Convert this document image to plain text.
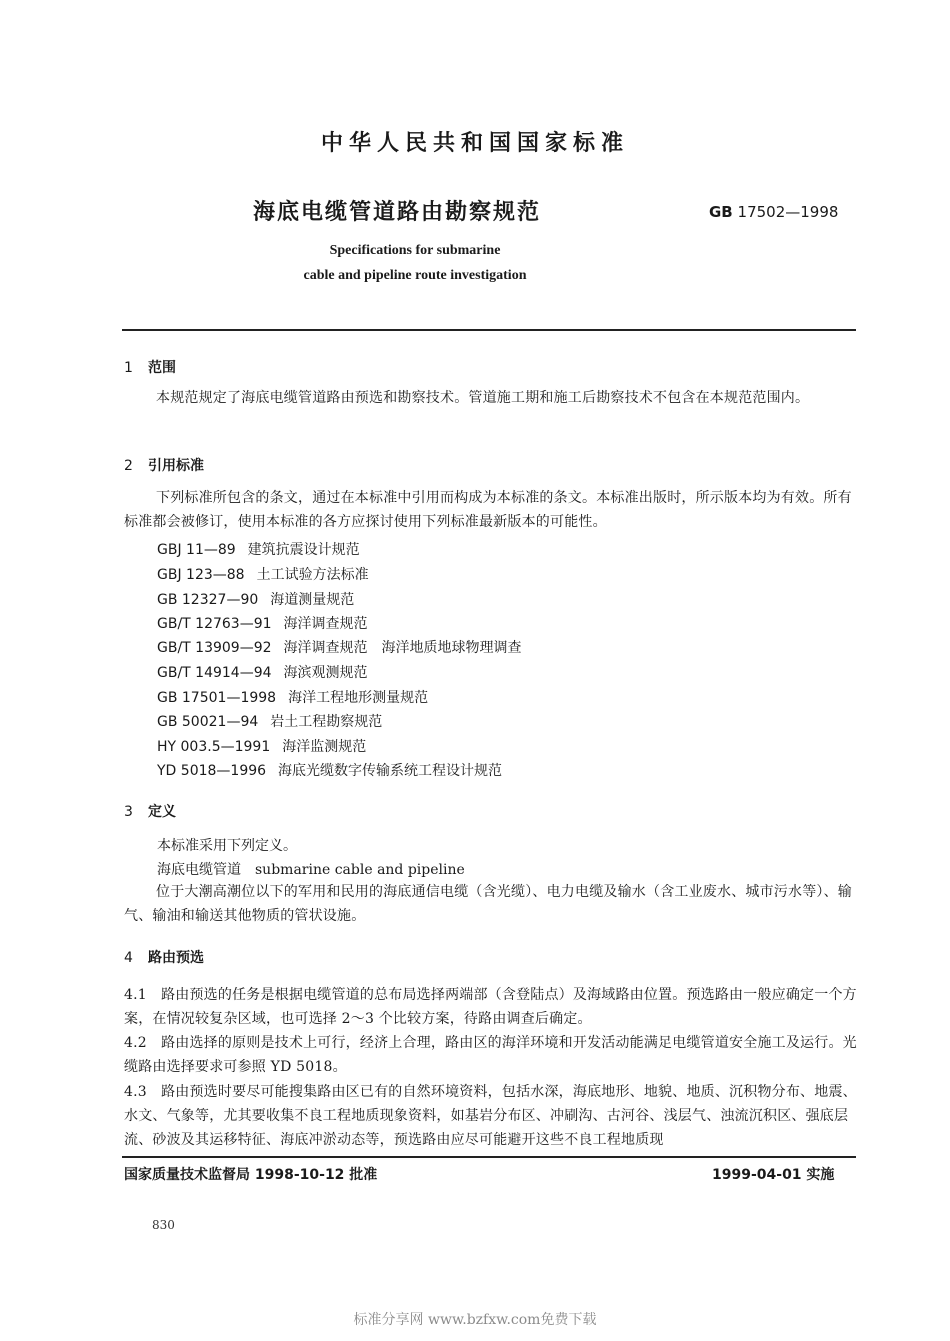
中华人民共和国国家标准
海底电缆管道路由勘察规范	GB 17502—1998
Specifications for submarine
cable and pipeline route investigation
1 范围
本规范规定了海底电缆管道路由预选和勘察技术。管道施工期和施工后勘察技术不包含在本规范范围内。
2 引用标准
下列标准所包含的条文，通过在本标准中引用而构成为本标准的条文。本标准出版时，所示版本均为有效。所有标准都会被修订，使用本标准的各方应探讨使用下列标准最新版本的可能性。
GBJ 11—89 建筑抗震设计规范
GBJ 123—88 土工试验方法标准
GB 12327—90 海道测量规范
GB/T 12763—91 海洋调查规范
GB/T 13909—92 海洋调查规范　海洋地质地球物理调查
GB/T 14914—94 海滨观测规范
GB 17501—1998 海洋工程地形测量规范
GB 50021—94 岩土工程勘察规范
HY 003.5—1991 海洋监测规范
YD 5018—1996 海底光缆数字传输系统工程设计规范
3 定义
本标准采用下列定义。
海底电缆管道　submarine cable and pipeline
位于大潮高潮位以下的军用和民用的海底通信电缆（含光缆）、电力电缆及输水（含工业废水、城市污水等）、输气、输油和输送其他物质的管状设施。
4 路由预选
4.1　路由预选的任务是根据电缆管道的总布局选择两端部（含登陆点）及海域路由位置。预选路由一般应确定一个方案，在情况较复杂区域，也可选择 2～3 个比较方案，待路由调查后确定。
4.2　路由选择的原则是技术上可行，经济上合理，路由区的海洋环境和开发活动能满足电缆管道安全施工及运行。光缆路由选择要求可参照 YD 5018。
4.3　路由预选时要尽可能搜集路由区已有的自然环境资料，包括水深，海底地形、地貌、地质、沉积物分布、地震、水文、气象等，尤其要收集不良工程地质现象资料，如基岩分布区、冲刷沟、古河谷、浅层气、浊流沉积区、强底层流、砂波及其运移特征、海底冲淤动态等，预选路由应尽可能避开这些不良工程地质现
国家质量技术监督局 1998-10-12 批准	1999-04-01 实施
830
标准分享网 www.bzfxw.com免费下载
